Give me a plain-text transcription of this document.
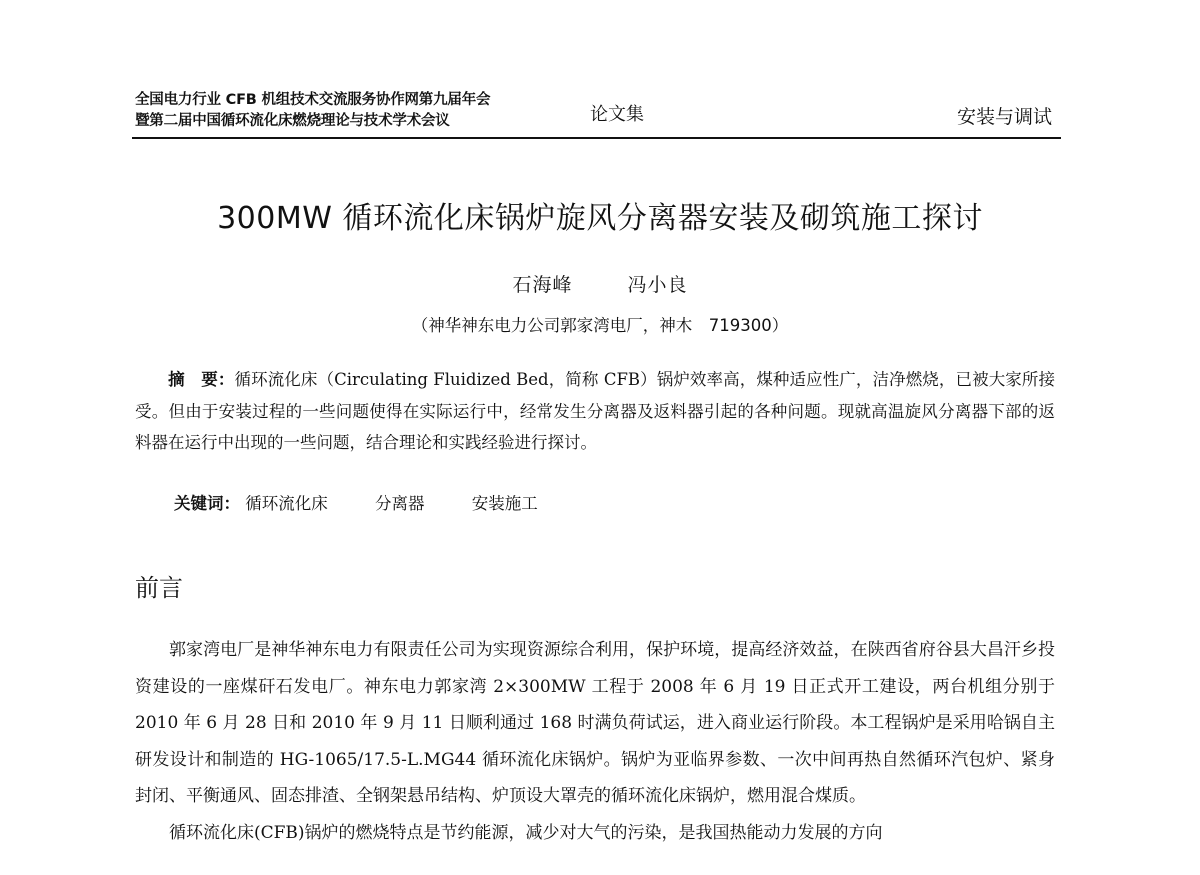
全国电力行业 CFB 机组技术交流服务协作网第九届年会
暨第二届中国循环流化床燃烧理论与技术学术会议	论文集	安装与调试
300MW 循环流化床锅炉旋风分离器安装及砌筑施工探讨
石海峰	冯小良
（神华神东电力公司郭家湾电厂，神木　719300）
摘　要：循环流化床（Circulating Fluidized Bed，简称 CFB）锅炉效率高，煤种适应性广，洁净燃烧，已被大家所接受。但由于安装过程的一些问题使得在实际运行中，经常发生分离器及返料器引起的各种问题。现就高温旋风分离器下部的返料器在运行中出现的一些问题，结合理论和实践经验进行探讨。
关键词： 循环流化床	分离器	安装施工
前言

郭家湾电厂是神华神东电力有限责任公司为实现资源综合利用，保护环境，提高经济效益，在陕西省府谷县大昌汗乡投资建设的一座煤矸石发电厂。神东电力郭家湾 2×300MW 工程于 2008 年 6 月 19 日正式开工建设，两台机组分别于 2010 年 6 月 28 日和 2010 年 9 月 11 日顺利通过 168 时满负荷试运，进入商业运行阶段。本工程锅炉是采用哈锅自主研发设计和制造的 HG-1065/17.5-L.MG44 循环流化床锅炉。锅炉为亚临界参数、一次中间再热自然循环汽包炉、紧身封闭、平衡通风、固态排渣、全钢架悬吊结构、炉顶设大罩壳的循环流化床锅炉，燃用混合煤质。

循环流化床(CFB)锅炉的燃烧特点是节约能源，减少对大气的污染，是我国热能动力发展的方向
